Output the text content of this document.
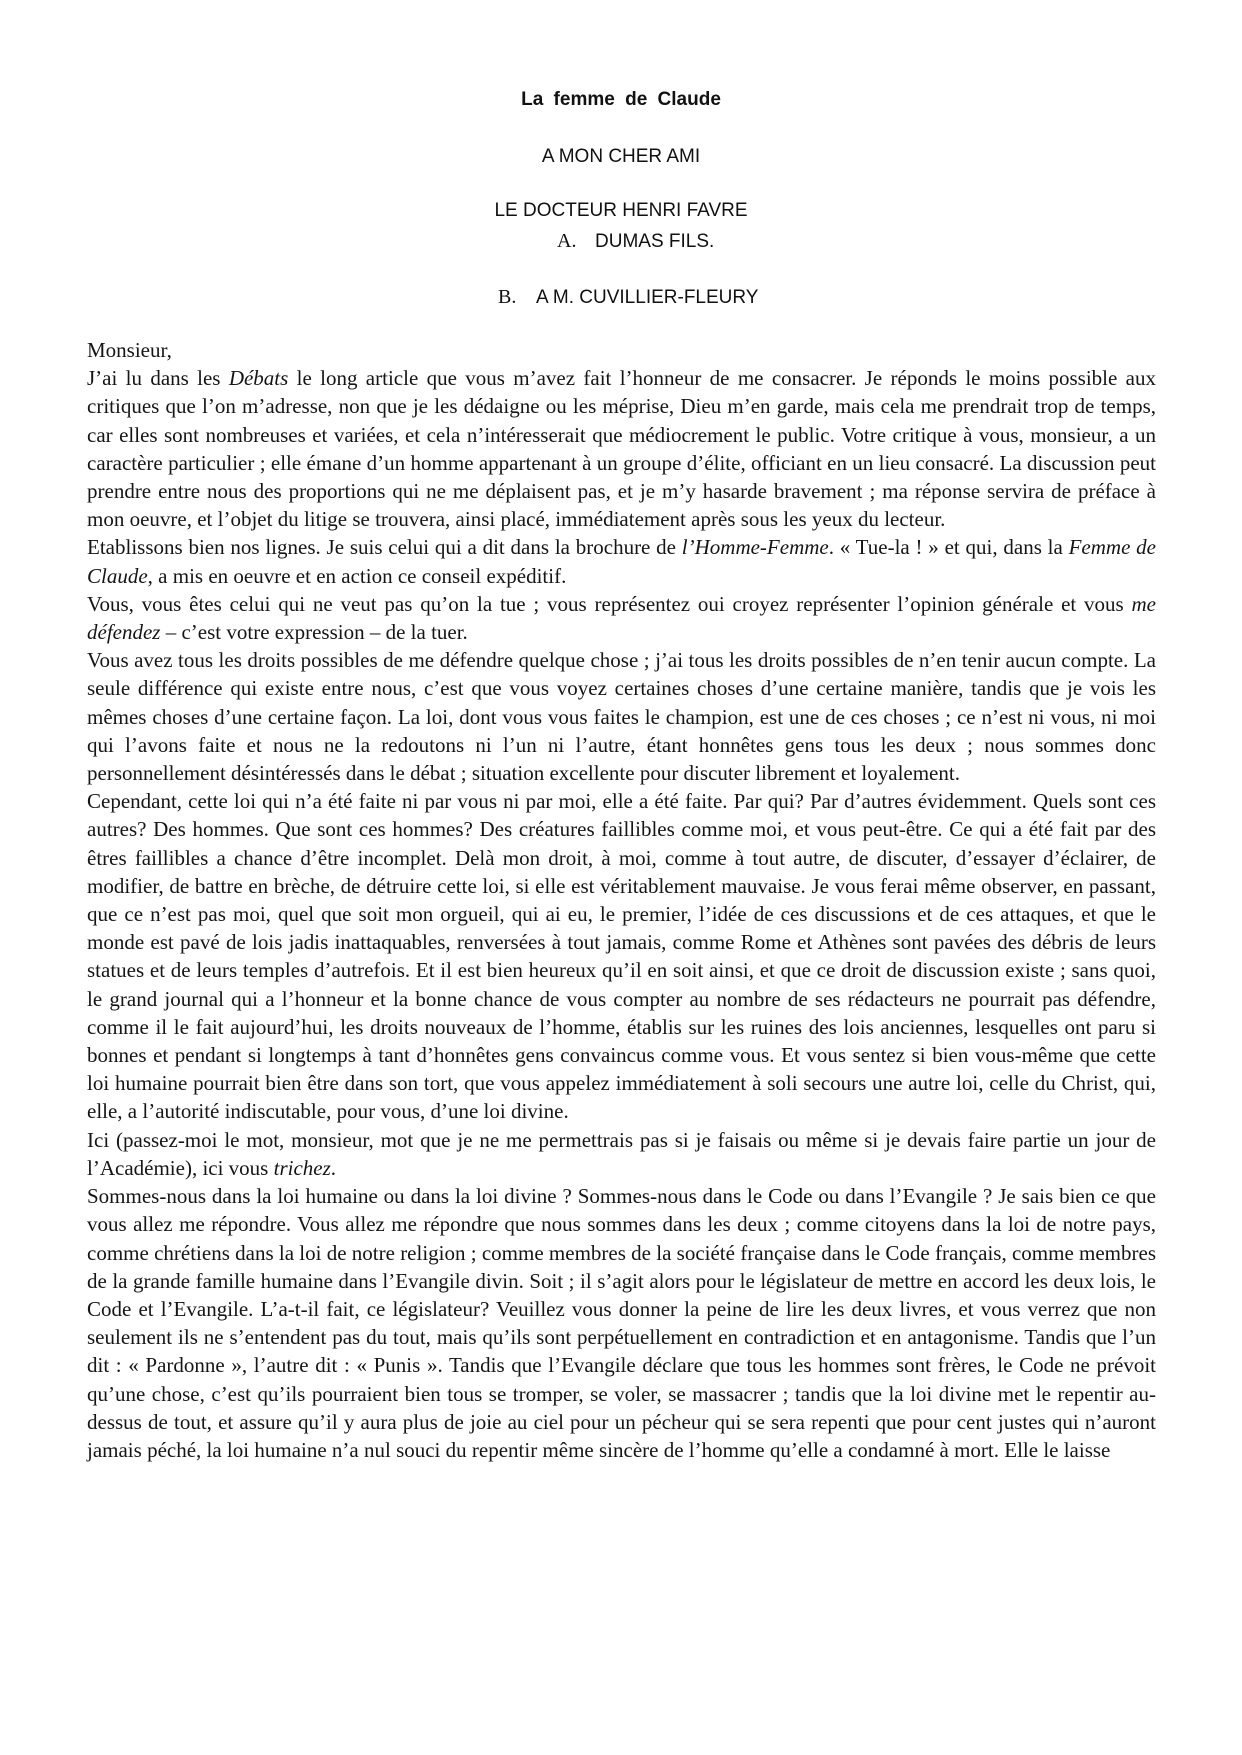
La femme de Claude
A MON CHER AMI
LE DOCTEUR HENRI FAVRE
A. DUMAS FILS.
B. A M. CUVILLIER-FLEURY

Monsieur,

J’ai lu dans les Débats le long article que vous m’avez fait l’honneur de me consacrer. Je réponds le moins possible aux critiques que l’on m’adresse, non que je les dédaigne ou les méprise, Dieu m’en garde, mais cela me prendrait trop de temps, car elles sont nombreuses et variées, et cela n’intéresserait que médiocrement le public. Votre critique à vous, monsieur, a un caractère particulier ; elle émane d’un homme appartenant à un groupe d’élite, officiant en un lieu consacré. La discussion peut prendre entre nous des proportions qui ne me déplaisent pas, et je m’y hasarde bravement ; ma réponse servira de préface à mon oeuvre, et l’objet du litige se trouvera, ainsi placé, immédiatement après sous les yeux du lecteur.

Etablissons bien nos lignes. Je suis celui qui a dit dans la brochure de l’Homme-Femme. « Tue-la ! » et qui, dans la Femme de Claude, a mis en oeuvre et en action ce conseil expéditif.

Vous, vous êtes celui qui ne veut pas qu’on la tue ; vous représentez oui croyez représenter l’opinion générale et vous me défendez – c’est votre expression – de la tuer.

Vous avez tous les droits possibles de me défendre quelque chose ; j’ai tous les droits possibles de n’en tenir aucun compte. La seule différence qui existe entre nous, c’est que vous voyez certaines choses d’une certaine manière, tandis que je vois les mêmes choses d’une certaine façon. La loi, dont vous vous faites le champion, est une de ces choses ; ce n’est ni vous, ni moi qui l’avons faite et nous ne la redoutons ni l’un ni l’autre, étant honnêtes gens tous les deux ; nous sommes donc personnellement désintéressés dans le débat ; situation excellente pour discuter librement et loyalement.

Cependant, cette loi qui n’a été faite ni par vous ni par moi, elle a été faite. Par qui? Par d’autres évidemment. Quels sont ces autres? Des hommes. Que sont ces hommes? Des créatures faillibles comme moi, et vous peut-être. Ce qui a été fait par des êtres faillibles a chance d’être incomplet. Delà mon droit, à moi, comme à tout autre, de discuter, d’essayer d’éclairer, de modifier, de battre en brèche, de détruire cette loi, si elle est véritablement mauvaise. Je vous ferai même observer, en passant, que ce n’est pas moi, quel que soit mon orgueil, qui ai eu, le premier, l’idée de ces discussions et de ces attaques, et que le monde est pavé de lois jadis inattaquables, renversées à tout jamais, comme Rome et Athènes sont pavées des débris de leurs statues et de leurs temples d’autrefois. Et il est bien heureux qu’il en soit ainsi, et que ce droit de discussion existe ; sans quoi, le grand journal qui a l’honneur et la bonne chance de vous compter au nombre de ses rédacteurs ne pourrait pas défendre, comme il le fait aujourd’hui, les droits nouveaux de l’homme, établis sur les ruines des lois anciennes, lesquelles ont paru si bonnes et pendant si longtemps à tant d’honnêtes gens convaincus comme vous. Et vous sentez si bien vous-même que cette loi humaine pourrait bien être dans son tort, que vous appelez immédiatement à soli secours une autre loi, celle du Christ, qui, elle, a l’autorité indiscutable, pour vous, d’une loi divine.

Ici (passez-moi le mot, monsieur, mot que je ne me permettrais pas si je faisais ou même si je devais faire partie un jour de l’Académie), ici vous trichez.

Sommes-nous dans la loi humaine ou dans la loi divine ? Sommes-nous dans le Code ou dans l’Evangile ? Je sais bien ce que vous allez me répondre. Vous allez me répondre que nous sommes dans les deux ; comme citoyens dans la loi de notre pays, comme chrétiens dans la loi de notre religion ; comme membres de la société française dans le Code français, comme membres de la grande famille humaine dans l’Evangile divin. Soit ; il s’agit alors pour le législateur de mettre en accord les deux lois, le Code et l’Evangile. L’a-t-il fait, ce législateur? Veuillez vous donner la peine de lire les deux livres, et vous verrez que non seulement ils ne s’entendent pas du tout, mais qu’ils sont perpétuellement en contradiction et en antagonisme. Tandis que l’un dit : « Pardonne », l’autre dit : « Punis ». Tandis que l’Evangile déclare que tous les hommes sont frères, le Code ne prévoit qu’une chose, c’est qu’ils pourraient bien tous se tromper, se voler, se massacrer ; tandis que la loi divine met le repentir au-dessus de tout, et assure qu’il y aura plus de joie au ciel pour un pécheur qui se sera repenti que pour cent justes qui n’auront jamais péché, la loi humaine n’a nul souci du repentir même sincère de l’homme qu’elle a condamné à mort. Elle le laisse
